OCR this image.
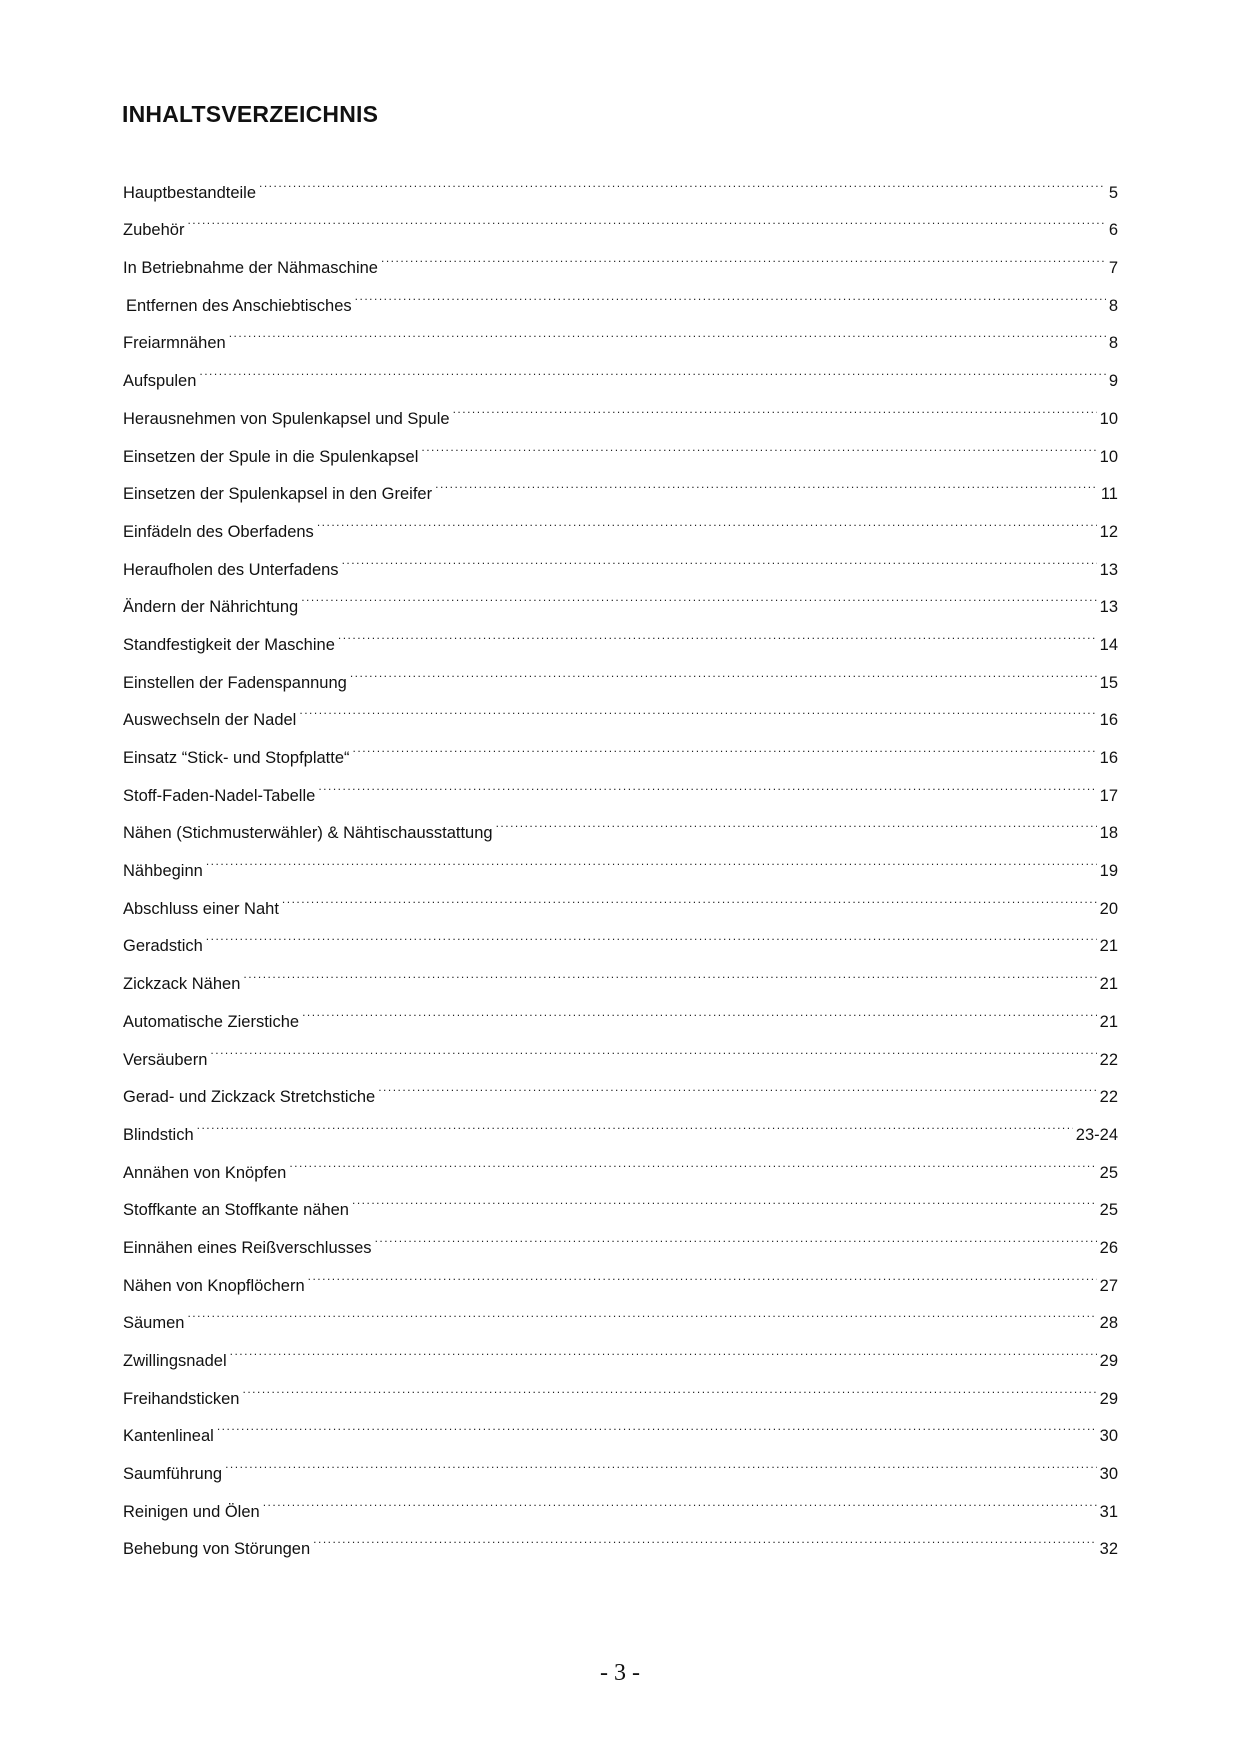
INHALTSVERZEICHNIS
Hauptbestandteile .....	5
Zubehör .....	6
In Betriebnahme der Nähmaschine .....	7
Entfernen des Anschiebtisches .....	8
Freiarmnähen .....	8
Aufspulen .....	9
Herausnehmen von Spulenkapsel und Spule .....	10
Einsetzen der Spule in die Spulenkapsel .....	10
Einsetzen der Spulenkapsel in den Greifer .....	11
Einfädeln des Oberfadens .....	12
Heraufholen des Unterfadens .....	13
Ändern der Nährichtung .....	13
Standfestigkeit der Maschine .....	14
Einstellen der Fadenspannung .....	15
Auswechseln der Nadel .....	16
Einsatz “Stick- und Stopfplatte“ .....	16
Stoff-Faden-Nadel-Tabelle .....	17
Nähen (Stichmusterwähler) & Nähtischausstattung .....	18
Nähbeginn .....	19
Abschluss einer Naht .....	20
Geradstich .....	21
Zickzack Nähen .....	21
Automatische Zierstiche .....	21
Versäubern .....	22
Gerad- und Zickzack Stretchstiche .....	22
Blindstich .....	23-24
Annähen von Knöpfen .....	25
Stoffkante an Stoffkante nähen .....	25
Einnähen eines Reißverschlusses .....	26
Nähen von Knopflöchern .....	27
Säumen .....	28
Zwillingsnadel .....	29
Freihandsticken .....	29
Kantenlineal .....	30
Saumführung .....	30
Reinigen und Ölen .....	31
Behebung von Störungen .....	32
- 3 -
